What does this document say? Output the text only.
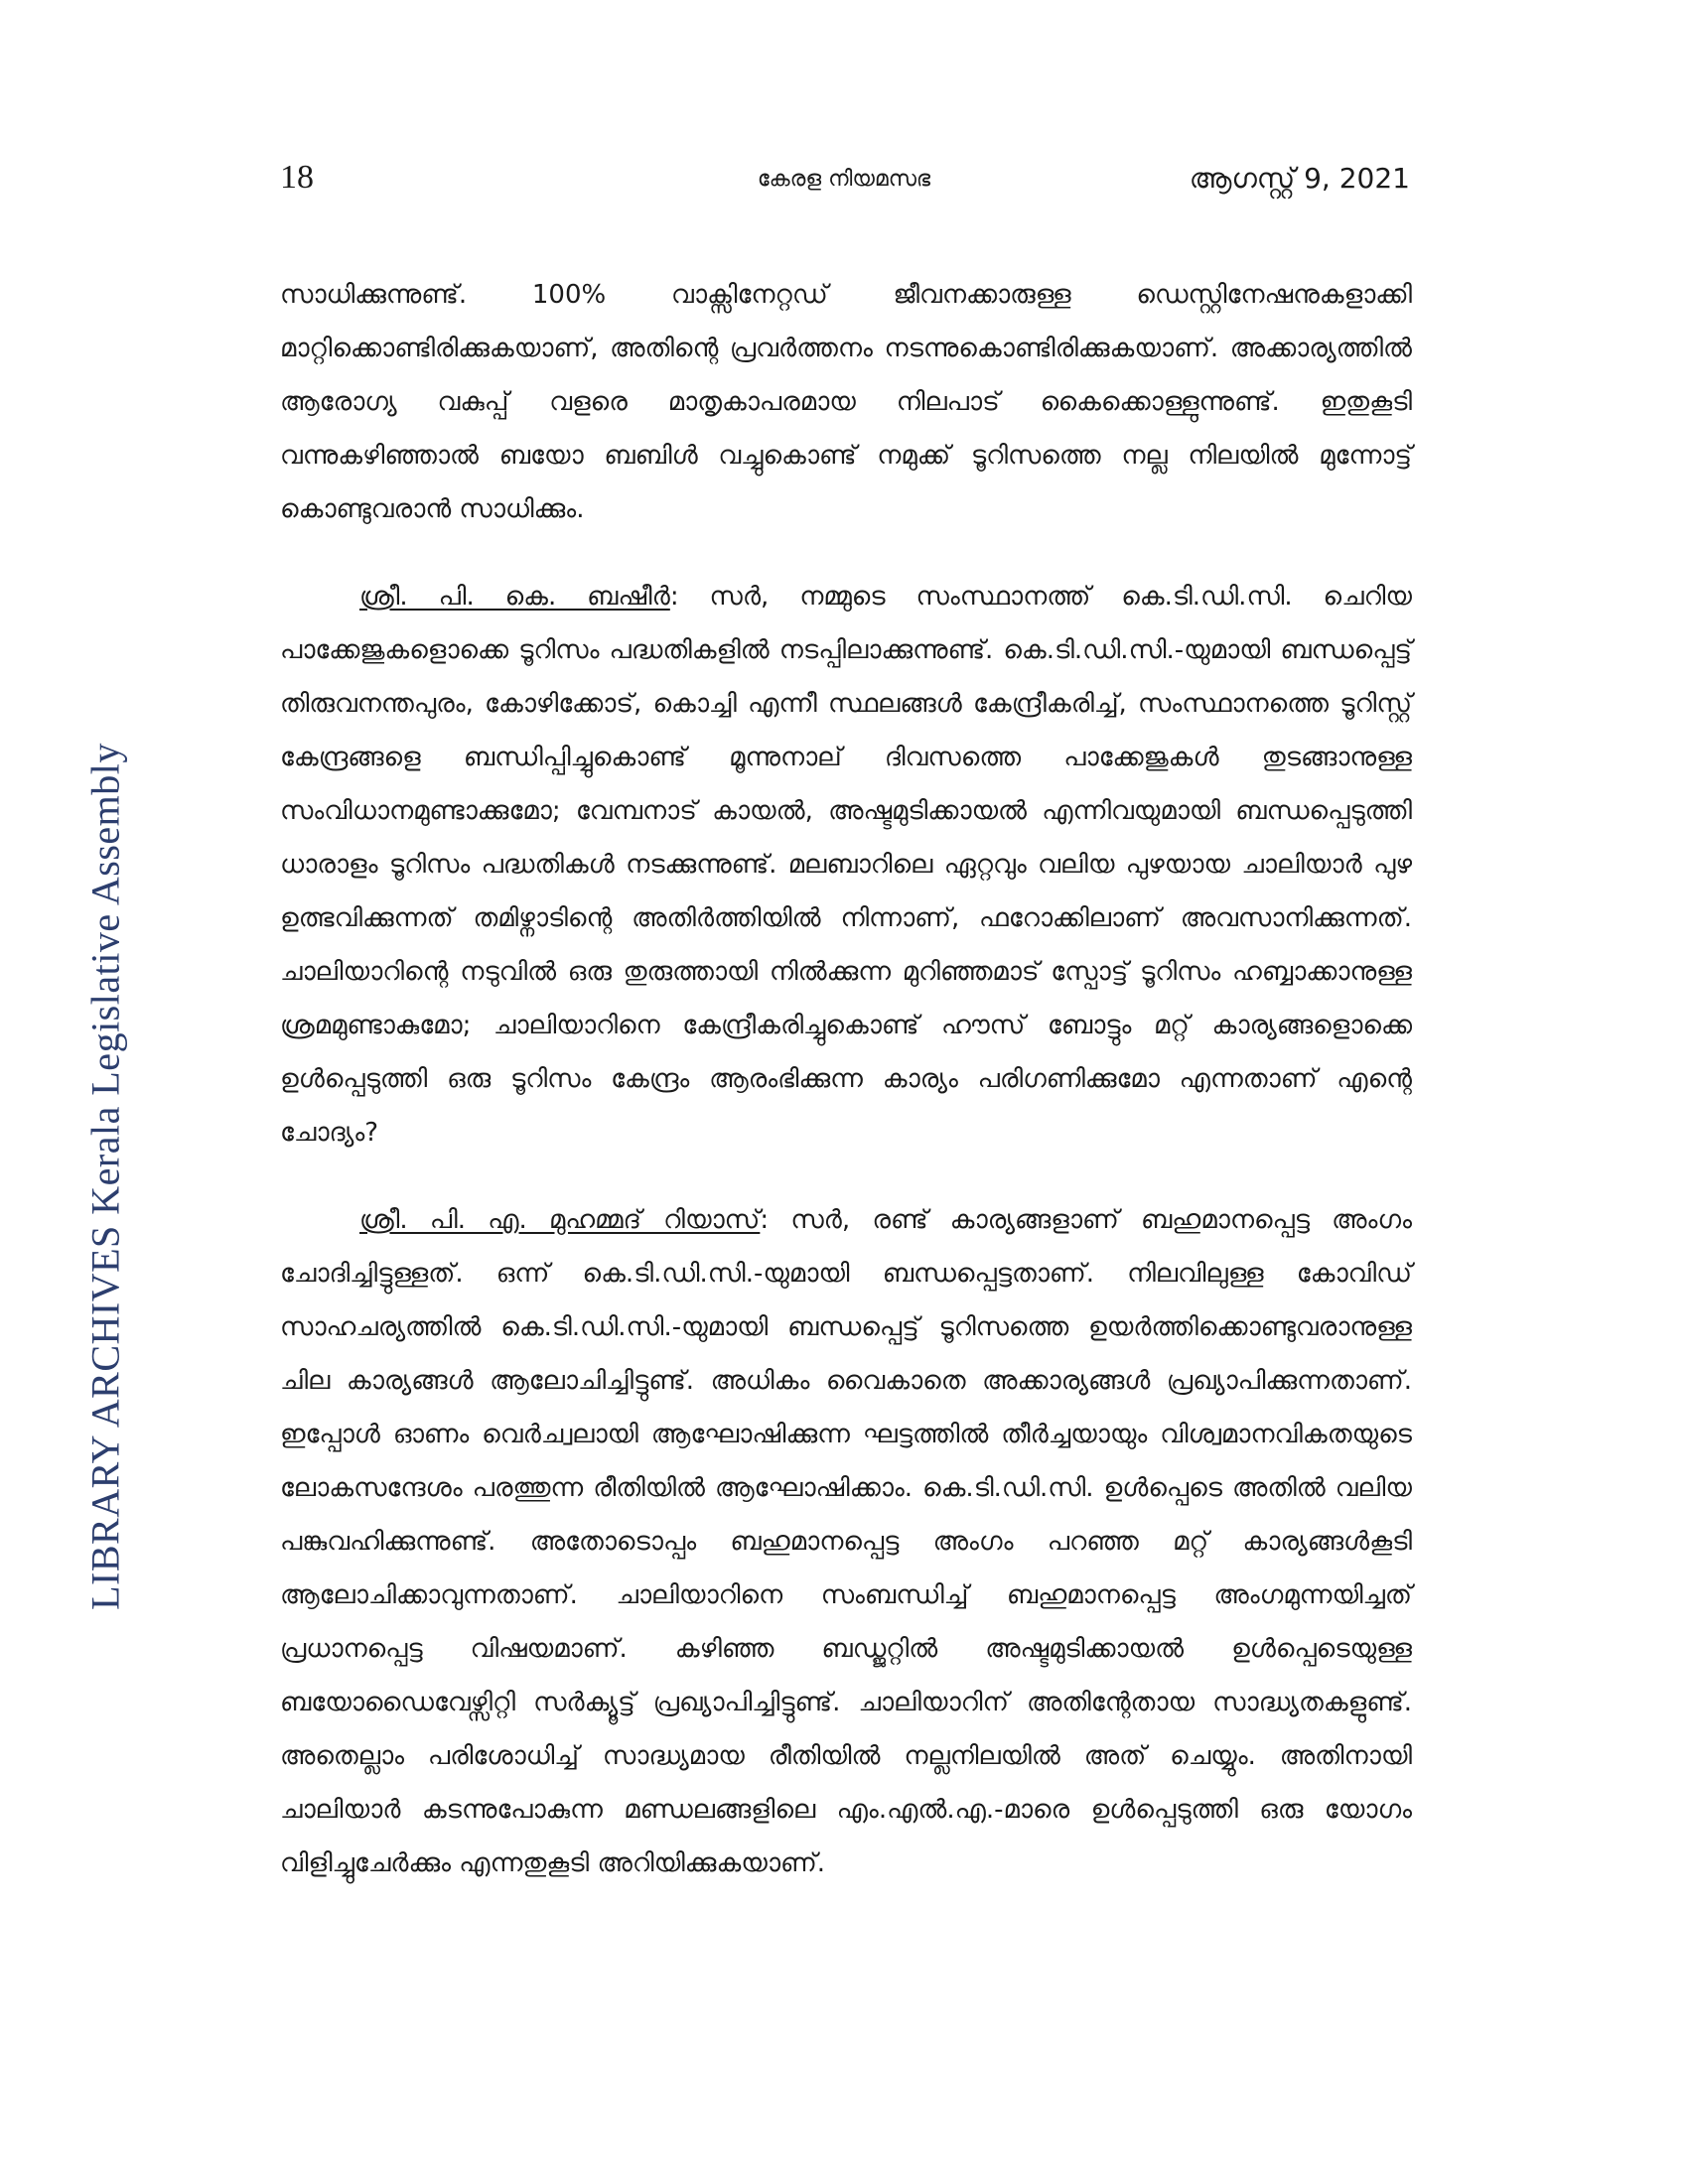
18	കേരള നിയമസഭ	ആഗസ്റ്റ് 9, 2021
LIBRARY ARCHIVES Kerala Legislative Assembly

സാധിക്കുന്നുണ്ട്. 100% വാക്സിനേറ്റഡ് ജീവനക്കാരുള്ള ഡെസ്റ്റിനേഷനുകളാക്കി മാറ്റിക്കൊണ്ടിരിക്കുകയാണ്, അതിന്റെ പ്രവർത്തനം നടന്നുകൊണ്ടിരിക്കുകയാണ്. അക്കാര്യത്തിൽ ആരോഗ്യ വകുപ്പ് വളരെ മാതൃകാപരമായ നിലപാട് കൈക്കൊള്ളുന്നുണ്ട്. ഇതുകൂടി വന്നുകഴിഞ്ഞാൽ ബയോ ബബിൾ വച്ചുകൊണ്ട് നമുക്ക് ടൂറിസത്തെ നല്ല നിലയിൽ മുന്നോട്ട് കൊണ്ടുവരാൻ സാധിക്കും.

ശ്രീ. പി. കെ. ബഷീർ: സർ, നമ്മുടെ സംസ്ഥാനത്ത് കെ.ടി.ഡി.സി. ചെറിയ പാക്കേജുകളൊക്കെ ടൂറിസം പദ്ധതികളിൽ നടപ്പിലാക്കുന്നുണ്ട്. കെ.ടി.ഡി.സി.-യുമായി ബന്ധപ്പെട്ട് തിരുവനന്തപുരം, കോഴിക്കോട്, കൊച്ചി എന്നീ സ്ഥലങ്ങൾ കേന്ദ്രീകരിച്ച്, സംസ്ഥാനത്തെ ടൂറിസ്റ്റ് കേന്ദ്രങ്ങളെ ബന്ധിപ്പിച്ചുകൊണ്ട് മൂന്നുനാല് ദിവസത്തെ പാക്കേജുകൾ തുടങ്ങാനുള്ള സംവിധാനമുണ്ടാക്കുമോ; വേമ്പനാട് കായൽ, അഷ്ടമുടിക്കായൽ എന്നിവയുമായി ബന്ധപ്പെടുത്തി ധാരാളം ടൂറിസം പദ്ധതികൾ നടക്കുന്നുണ്ട്. മലബാറിലെ ഏറ്റവും വലിയ പുഴയായ ചാലിയാർ പുഴ ഉത്ഭവിക്കുന്നത് തമിഴ്നാടിന്റെ അതിർത്തിയിൽ നിന്നാണ്, ഫറോക്കിലാണ് അവസാനിക്കുന്നത്. ചാലിയാറിന്റെ നടുവിൽ ഒരു തുരുത്തായി നിൽക്കുന്ന മുറിഞ്ഞമാട് സ്പോട്ട് ടൂറിസം ഹബ്ബാക്കാനുള്ള ശ്രമമുണ്ടാകുമോ; ചാലിയാറിനെ കേന്ദ്രീകരിച്ചുകൊണ്ട് ഹൗസ് ബോട്ടും മറ്റ് കാര്യങ്ങളൊക്കെ ഉൾപ്പെടുത്തി ഒരു ടൂറിസം കേന്ദ്രം ആരംഭിക്കുന്ന കാര്യം പരിഗണിക്കുമോ എന്നതാണ് എന്റെ ചോദ്യം?

ശ്രീ. പി. എ. മുഹമ്മദ് റിയാസ്: സർ, രണ്ട് കാര്യങ്ങളാണ് ബഹുമാനപ്പെട്ട അംഗം ചോദിച്ചിട്ടുള്ളത്. ഒന്ന് കെ.ടി.ഡി.സി.-യുമായി ബന്ധപ്പെട്ടതാണ്. നിലവിലുള്ള കോവിഡ് സാഹചര്യത്തിൽ കെ.ടി.ഡി.സി.-യുമായി ബന്ധപ്പെട്ട് ടൂറിസത്തെ ഉയർത്തിക്കൊണ്ടുവരാനുള്ള ചില കാര്യങ്ങൾ ആലോചിച്ചിട്ടുണ്ട്. അധികം വൈകാതെ അക്കാര്യങ്ങൾ പ്രഖ്യാപിക്കുന്നതാണ്. ഇപ്പോൾ ഓണം വെർച്വലായി ആഘോഷിക്കുന്ന ഘട്ടത്തിൽ തീർച്ചയായും വിശ്വമാനവികതയുടെ ലോകസന്ദേശം പരത്തുന്ന രീതിയിൽ ആഘോഷിക്കാം. കെ.ടി.ഡി.സി. ഉൾപ്പെടെ അതിൽ വലിയ പങ്കുവഹിക്കുന്നുണ്ട്. അതോടൊപ്പം ബഹുമാനപ്പെട്ട അംഗം പറഞ്ഞ മറ്റ് കാര്യങ്ങൾകൂടി ആലോചിക്കാവുന്നതാണ്. ചാലിയാറിനെ സംബന്ധിച്ച് ബഹുമാനപ്പെട്ട അംഗമുന്നയിച്ചത് പ്രധാനപ്പെട്ട വിഷയമാണ്. കഴിഞ്ഞ ബഡ്ജറ്റിൽ അഷ്ടമുടിക്കായൽ ഉൾപ്പെടെയുള്ള ബയോഡൈവേഴ്സിറ്റി സർക്യൂട്ട് പ്രഖ്യാപിച്ചിട്ടുണ്ട്. ചാലിയാറിന് അതിന്റേതായ സാദ്ധ്യതകളുണ്ട്. അതെല്ലാം പരിശോധിച്ച് സാദ്ധ്യമായ രീതിയിൽ നല്ലനിലയിൽ അത് ചെയ്യും. അതിനായി ചാലിയാർ കടന്നുപോകുന്ന മണ്ഡലങ്ങളിലെ എം.എൽ.എ.-മാരെ ഉൾപ്പെടുത്തി ഒരു യോഗം വിളിച്ചുചേർക്കും എന്നതുകൂടി അറിയിക്കുകയാണ്.
